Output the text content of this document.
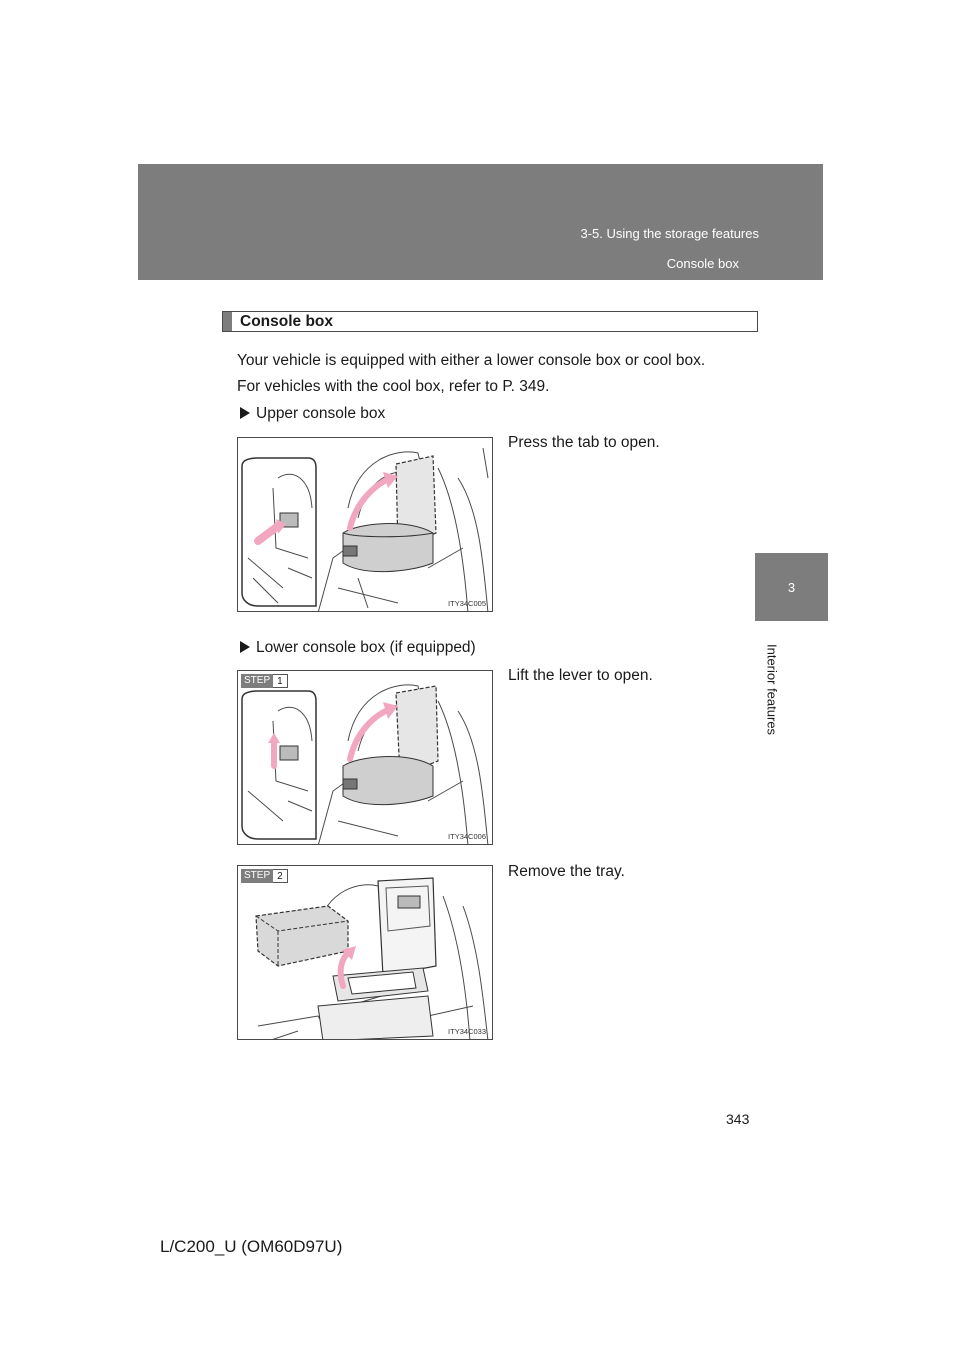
3-5. Using the storage features
Console box
3
Interior features
Console box
Your vehicle is equipped with either a lower console box or cool box.
For vehicles with the cool box, refer to P. 349.
Upper console box
Press the tab to open.
ITY34C005
Lower console box (if equipped)
Lift the lever to open.
STEP 1
ITY34C006
Remove the tray.
STEP 2
ITY34C033
343
L/C200_U (OM60D97U)
